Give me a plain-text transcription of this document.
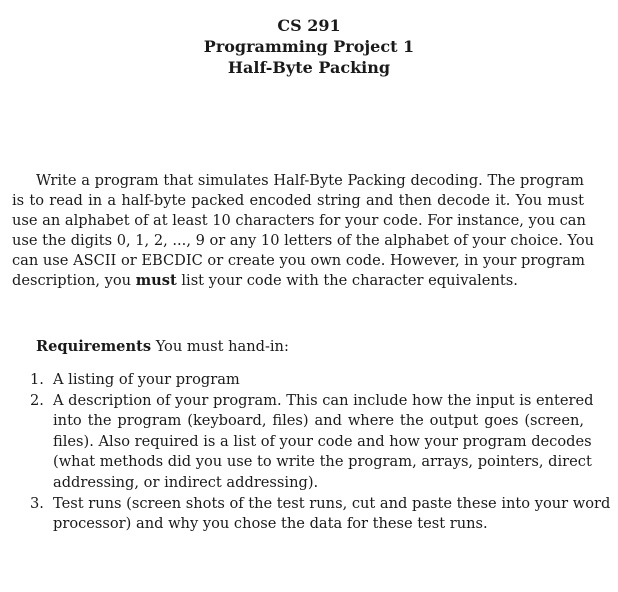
CS 291
Programming Project 1
Half-Byte Packing
Write a program that simulates Half-Byte Packing decoding. The program
is to read in a half-byte packed encoded string and then decode it. You must
use an alphabet of at least 10 characters for your code. For instance, you can
use the digits 0, 1, 2, ..., 9 or any 10 letters of the alphabet of your choice. You
can use ASCII or EBCDIC or create you own code. However, in your program
description, you must list your code with the character equivalents.
Requirements You must hand-in:
1. A listing of your program
2. A description of your program. This can include how the input is entered
into the program (keyboard, files) and where the output goes (screen,
files). Also required is a list of your code and how your program decodes
(what methods did you use to write the program, arrays, pointers, direct
addressing, or indirect addressing).
3. Test runs (screen shots of the test runs, cut and paste these into your word
processor) and why you chose the data for these test runs.
